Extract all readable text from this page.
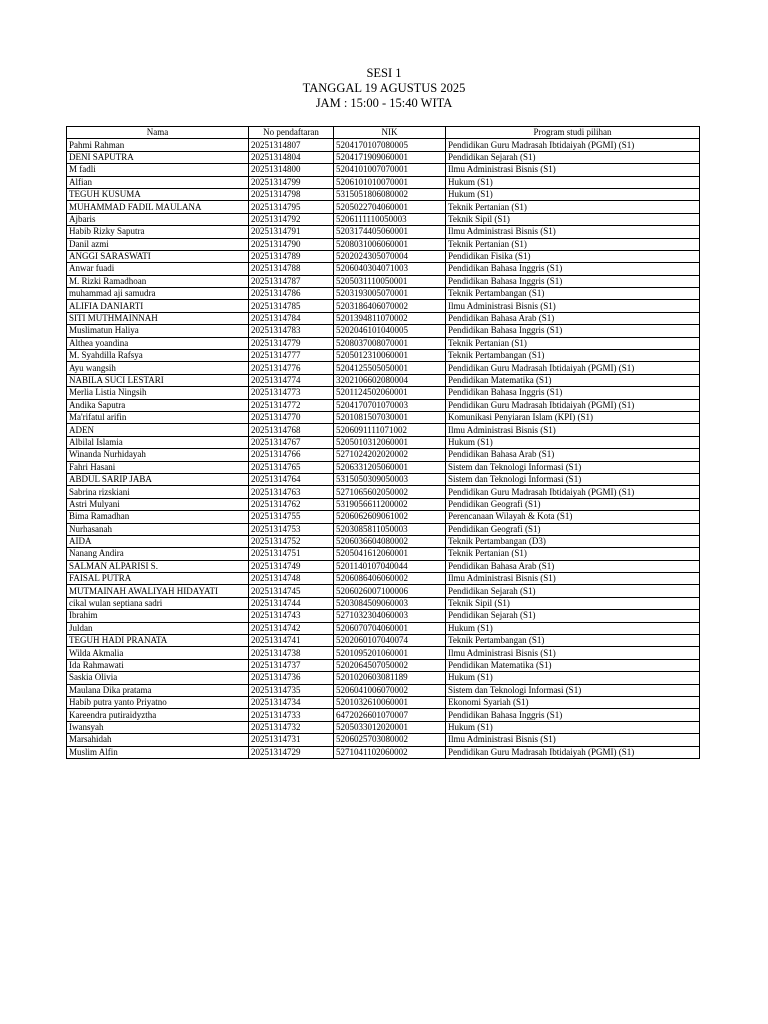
SESI 1
TANGGAL 19 AGUSTUS 2025
JAM : 15:00 - 15:40 WITA
Nama	No pendaftaran	NIK	Program studi pilihan
Pahmi Rahman	20251314807	5204170107080005	Pendidikan Guru Madrasah Ibtidaiyah (PGMI) (S1)
DENI SAPUTRA	20251314804	5204171909060001	Pendidikan Sejarah (S1)
M fadli	20251314800	5204101007070001	Ilmu Administrasi Bisnis (S1)
Alfian	20251314799	5206101010070001	Hukum (S1)
TEGUH KUSUMA	20251314798	5315051806080002	Hukum (S1)
MUHAMMAD FADIL MAULANA	20251314795	5205022704060001	Teknik Pertanian (S1)
Ajbaris	20251314792	5206111110050003	Teknik Sipil (S1)
Habib Rizky Saputra	20251314791	5203174405060001	Ilmu Administrasi Bisnis (S1)
Danil azmi	20251314790	5208031006060001	Teknik Pertanian (S1)
ANGGI SARASWATI	20251314789	5202024305070004	Pendidikan Fisika (S1)
Anwar fuadi	20251314788	5206040304071003	Pendidikan Bahasa Inggris (S1)
M. Rizki Ramadhoan	20251314787	5205031110050001	Pendidikan Bahasa Inggris (S1)
muhammad aji samudra	20251314786	5203193005070001	Teknik Pertambangan (S1)
ALIFIA DANIARTI	20251314785	5203186406070002	Ilmu Administrasi Bisnis (S1)
SITI MUTHMAINNAH	20251314784	5201394811070002	Pendidikan Bahasa Arab (S1)
Muslimatun Haliya	20251314783	5202046101040005	Pendidikan Bahasa Inggris (S1)
Althea yoandina	20251314779	5208037008070001	Teknik Pertanian (S1)
M. Syahdilla Rafsya	20251314777	5205012310060001	Teknik Pertambangan (S1)
Ayu wangsih	20251314776	5204125505050001	Pendidikan Guru Madrasah Ibtidaiyah (PGMI) (S1)
NABILA SUCI LESTARI	20251314774	3202106602080004	Pendidikan Matematika (S1)
Merlia Listia Ningsih	20251314773	5201124502060001	Pendidikan Bahasa Inggris (S1)
Andika Saputra	20251314772	5204170701070003	Pendidikan Guru Madrasah Ibtidaiyah (PGMI) (S1)
Ma'rifatul arifin	20251314770	5201081507030001	Komunikasi Penyiaran Islam (KPI) (S1)
ADEN	20251314768	5206091111071002	Ilmu Administrasi Bisnis (S1)
Albilal Islamia	20251314767	5205010312060001	Hukum (S1)
Winanda Nurhidayah	20251314766	5271024202020002	Pendidikan Bahasa Arab (S1)
Fahri Hasani	20251314765	5206331205060001	Sistem dan Teknologi Informasi (S1)
ABDUL SARIP JABA	20251314764	5315050309050003	Sistem dan Teknologi Informasi (S1)
Sabrina rizskiani	20251314763	5271065602050002	Pendidikan Guru Madrasah Ibtidaiyah (PGMI) (S1)
Astri Mulyani	20251314762	5319056611200002	Pendidikan Geografi (S1)
Bima Ramadhan	20251314755	5206062609061002	Perencanaan Wilayah & Kota (S1)
Nurhasanah	20251314753	5203085811050003	Pendidikan Geografi (S1)
AIDA	20251314752	5206036604080002	Teknik Pertambangan (D3)
Nanang Andira	20251314751	5205041612060001	Teknik Pertanian (S1)
SALMAN ALPARISI S.	20251314749	5201140107040044	Pendidikan Bahasa Arab (S1)
FAISAL PUTRA	20251314748	5206086406060002	Ilmu Administrasi Bisnis (S1)
MUTMAINAH AWALIYAH HIDAYATI	20251314745	5206026007100006	Pendidikan Sejarah (S1)
cikal wulan septiana sadri	20251314744	5203084509060003	Teknik Sipil (S1)
Ibrahim	20251314743	5271032304060003	Pendidikan Sejarah (S1)
Juldan	20251314742	5206070704060001	Hukum (S1)
TEGUH HADI PRANATA	20251314741	5202060107040074	Teknik Pertambangan (S1)
Wilda Akmalia	20251314738	5201095201060001	Ilmu Administrasi Bisnis (S1)
Ida Rahmawati	20251314737	5202064507050002	Pendidikan Matematika (S1)
Saskia Olivia	20251314736	5201020603081189	Hukum (S1)
Maulana Dika pratama	20251314735	5206041006070002	Sistem dan Teknologi Informasi (S1)
Habib putra yanto Priyatno	20251314734	5201032610060001	Ekonomi Syariah (S1)
Kareendra putiraidyztha	20251314733	6472026601070007	Pendidikan Bahasa Inggris (S1)
Iwansyah	20251314732	5205033012020001	Hukum (S1)
Marsahidah	20251314731	5206025703080002	Ilmu Administrasi Bisnis (S1)
Muslim Alfin	20251314729	5271041102060002	Pendidikan Guru Madrasah Ibtidaiyah (PGMI) (S1)
